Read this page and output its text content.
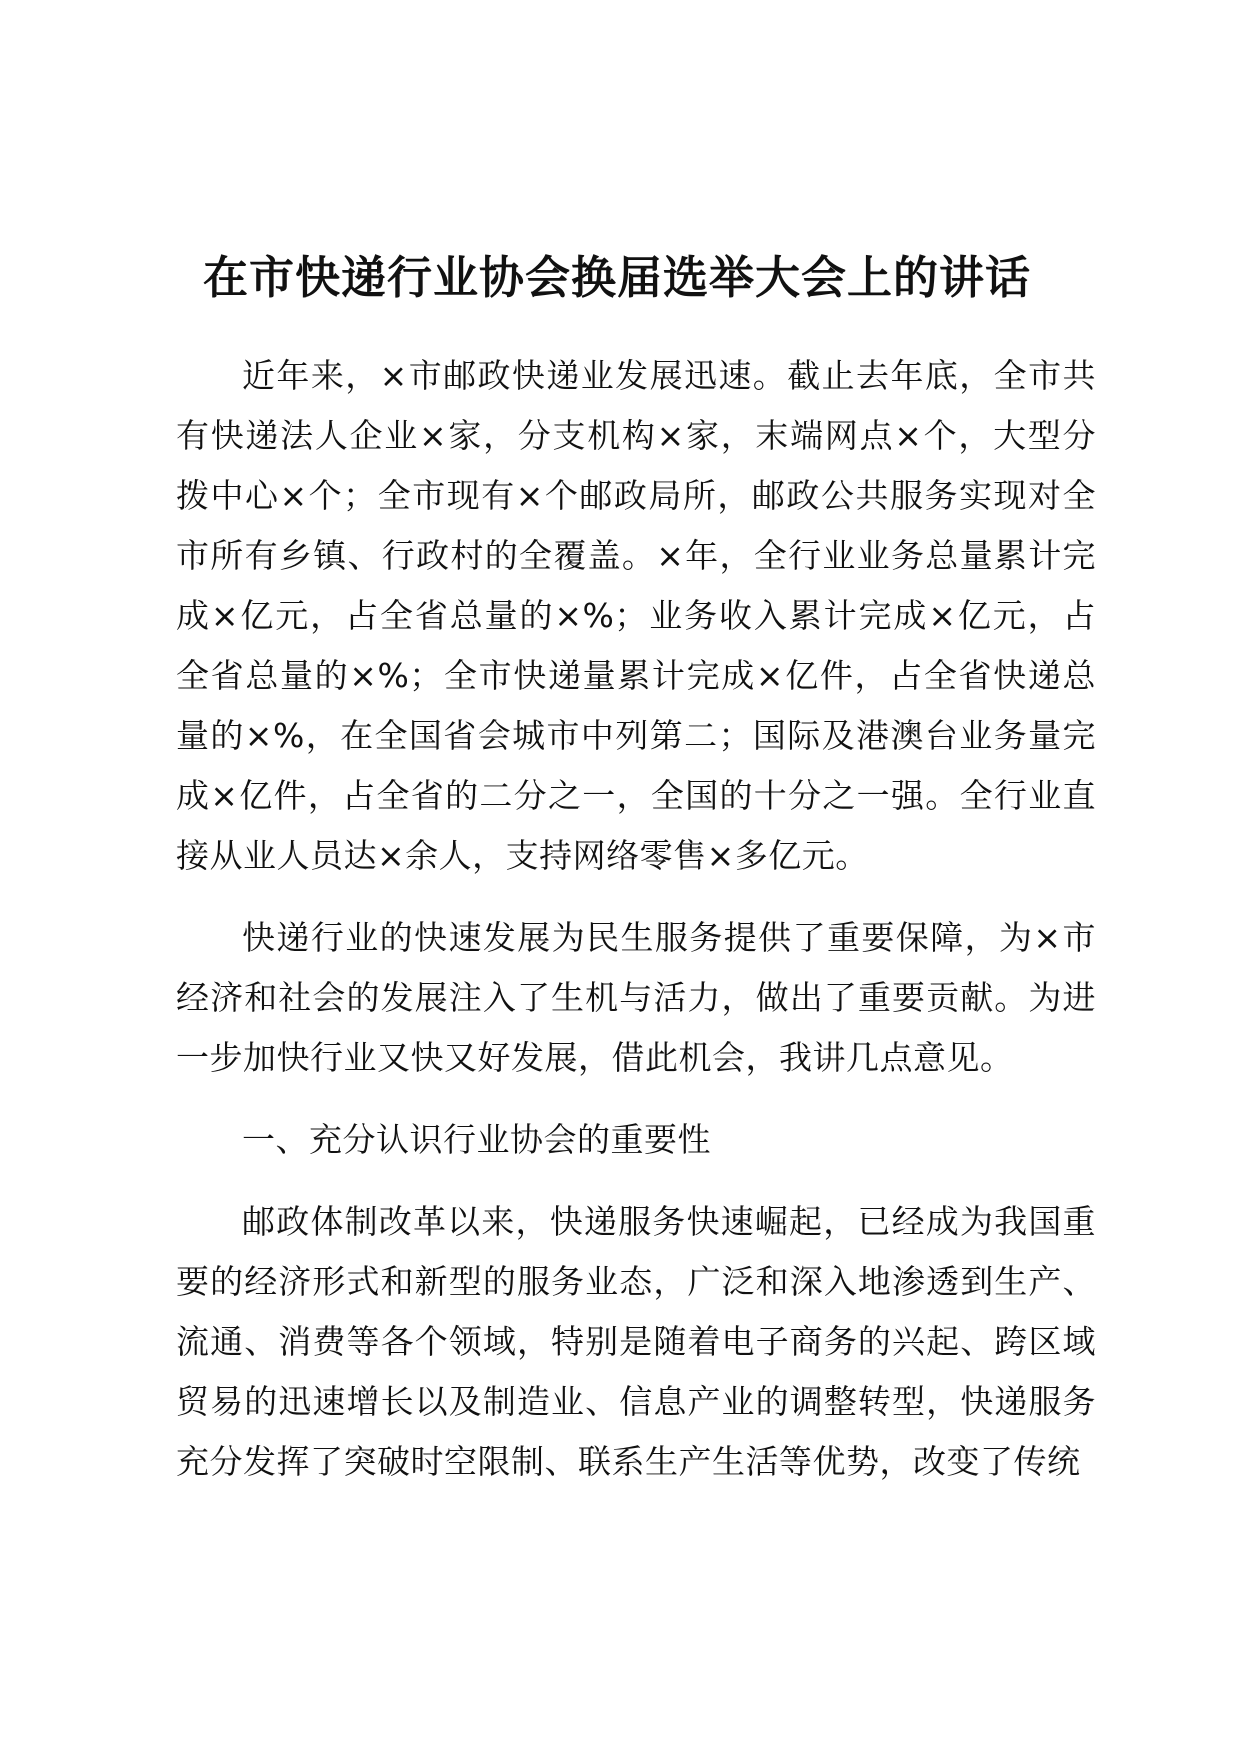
在市快递行业协会换届选举大会上的讲话

近年来，×市邮政快递业发展迅速。截止去年底，全市共有快递法人企业×家，分支机构×家，末端网点×个，大型分拨中心×个；全市现有×个邮政局所，邮政公共服务实现对全市所有乡镇、行政村的全覆盖。×年，全行业业务总量累计完成×亿元，占全省总量的×%；业务收入累计完成×亿元，占全省总量的×%；全市快递量累计完成×亿件，占全省快递总量的×%，在全国省会城市中列第二；国际及港澳台业务量完成×亿件，占全省的二分之一，全国的十分之一强。全行业直接从业人员达×余人，支持网络零售×多亿元。

快递行业的快速发展为民生服务提供了重要保障，为×市经济和社会的发展注入了生机与活力，做出了重要贡献。为进一步加快行业又快又好发展，借此机会，我讲几点意见。

一、充分认识行业协会的重要性

邮政体制改革以来，快递服务快速崛起，已经成为我国重要的经济形式和新型的服务业态，广泛和深入地渗透到生产、流通、消费等各个领域，特别是随着电子商务的兴起、跨区域贸易的迅速增长以及制造业、信息产业的调整转型，快递服务充分发挥了突破时空限制、联系生产生活等优势，改变了传统
